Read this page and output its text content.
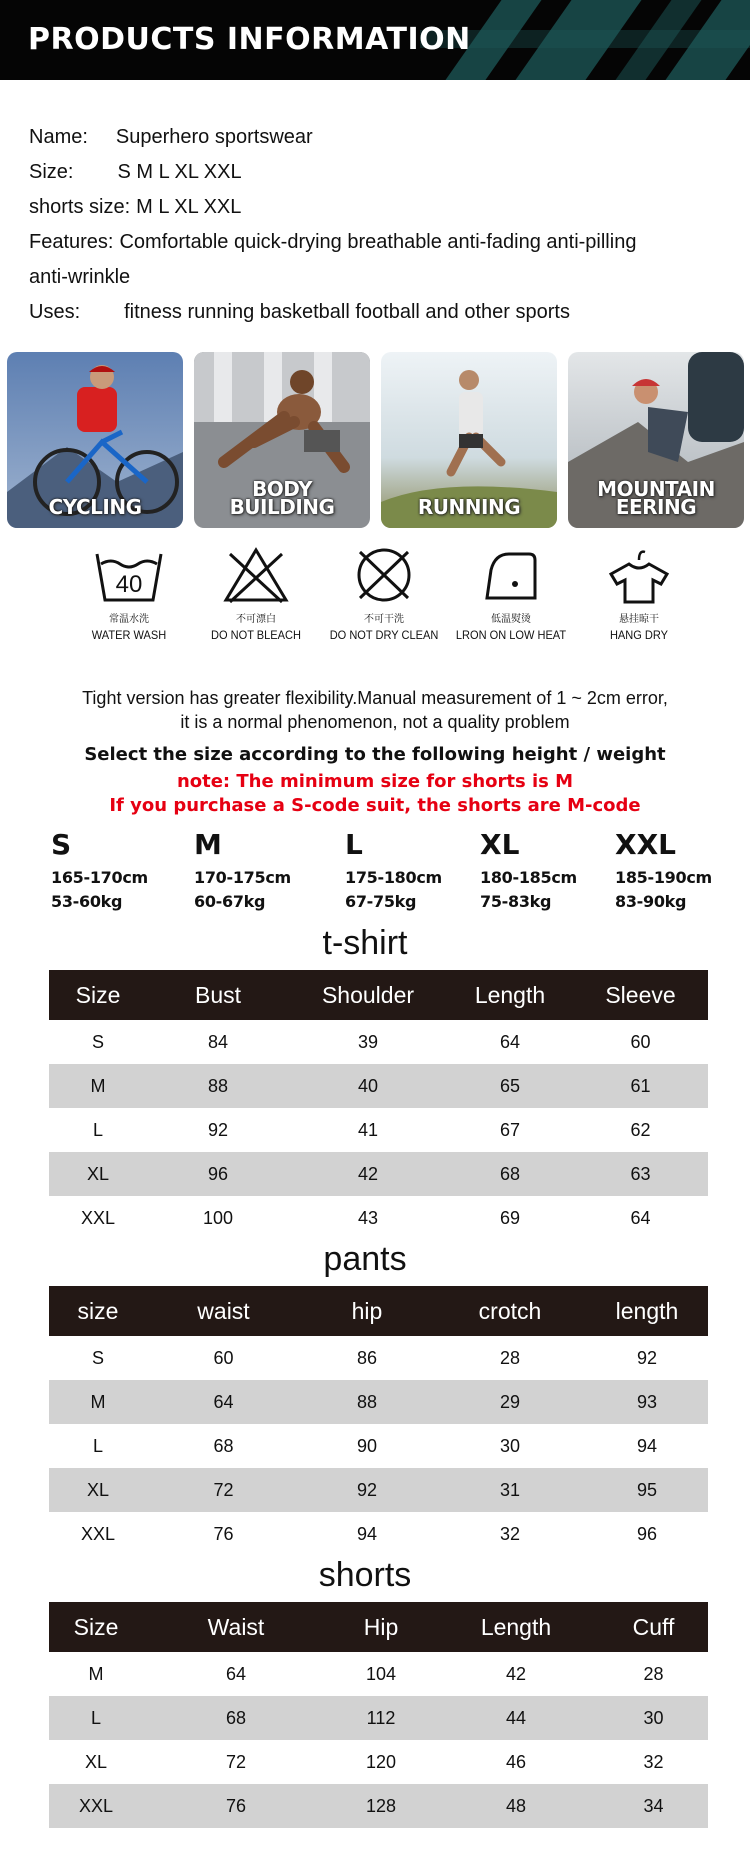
PRODUCTS INFORMATION
Name: Superhero sportswear
Size: S M L XL XXL
shorts size: M L XL XXL
Features: Comfortable quick-drying breathable anti-fading anti-pilling
anti-wrinkle
Uses: fitness running basketball football and other sports
CYCLING
BODY
BUILDING	RUNNING
MOUNTAIN
EERING
40
常温水洗
WATER WASH
不可漂白
DO NOT BLEACH
不可干洗
DO NOT DRY CLEAN
低温熨烫
LRON ON LOW HEAT
悬挂晾干
HANG DRY
Tight version has greater flexibility.Manual measurement of 1 ~ 2cm error,
it is a normal phenomenon, not a quality problem
Select the size according to the following height / weight
note: The minimum size for shorts is M
If you purchase a S-code suit, the shorts are M-code
S
165-170cm
53-60kg
M
170-175cm
60-67kg
L
175-180cm
67-75kg
XL
180-185cm
75-83kg
XXL
185-190cm
83-90kg
t-shirt
Size	Bust	Shoulder	Length	Sleeve
S	84	39	64	60
M	88	40	65	61
L	92	41	67	62
XL	96	42	68	63
XXL	100	43	69	64
pants
size	waist	hip	crotch	length
S	60	86	28	92
M	64	88	29	93
L	68	90	30	94
XL	72	92	31	95
XXL	76	94	32	96
shorts
Size	Waist	Hip	Length	Cuff
M	64	104	42	28
L	68	112	44	30
XL	72	120	46	32
XXL	76	128	48	34
